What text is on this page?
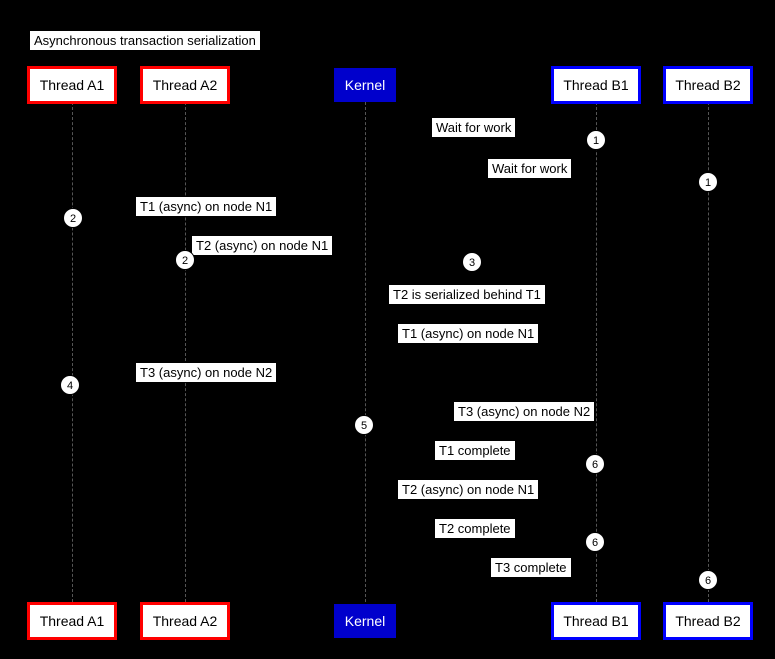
Asynchronous transaction serialization
Thread A1	Thread A2	Kernel	Thread B1	Thread B2
Wait for work
Wait for work
T1 (async) on node N1
T2 (async) on node N1
T2 is serialized behind T1
T1 (async) on node N1
T3 (async) on node N2
T3 (async) on node N2
T1 complete
T2 (async) on node N1
T2 complete
T3 complete
1
1
2
2	3
4
5
6
6
6
Thread A1	Thread A2	Kernel	Thread B1	Thread B2
